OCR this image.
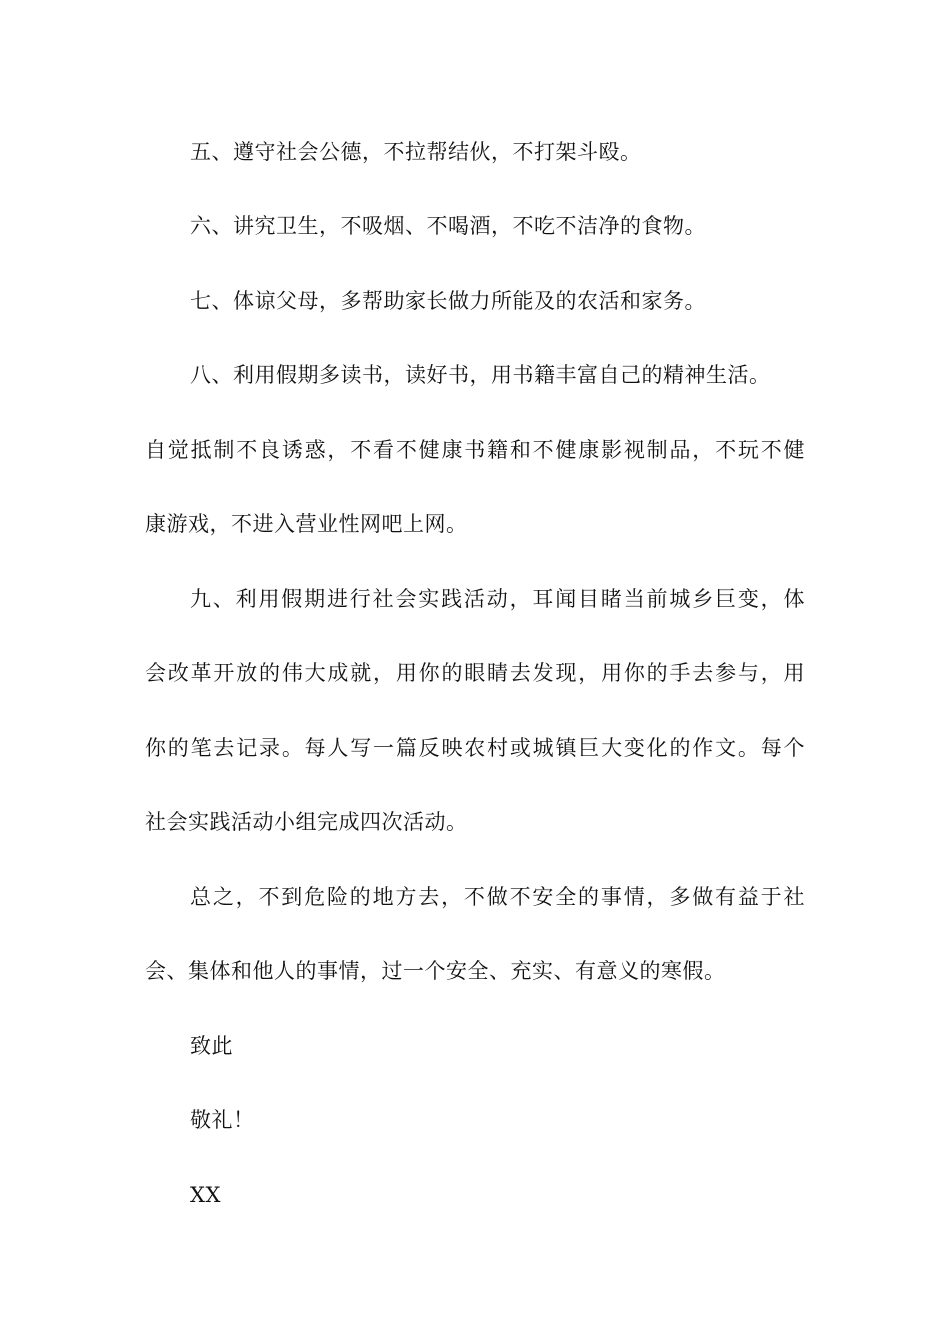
五、遵守社会公德，不拉帮结伙，不打架斗殴。
六、讲究卫生，不吸烟、不喝酒，不吃不洁净的食物。
七、体谅父母，多帮助家长做力所能及的农活和家务。
八、利用假期多读书，读好书，用书籍丰富自己的精神生活。
自觉抵制不良诱惑，不看不健康书籍和不健康影视制品，不玩不健
康游戏，不进入营业性网吧上网。
九、利用假期进行社会实践活动，耳闻目睹当前城乡巨变，体
会改革开放的伟大成就，用你的眼睛去发现，用你的手去参与，用
你的笔去记录。每人写一篇反映农村或城镇巨大变化的作文。每个
社会实践活动小组完成四次活动。
总之，不到危险的地方去，不做不安全的事情，多做有益于社
会、集体和他人的事情，过一个安全、充实、有意义的寒假。
致此
敬礼！
XX
